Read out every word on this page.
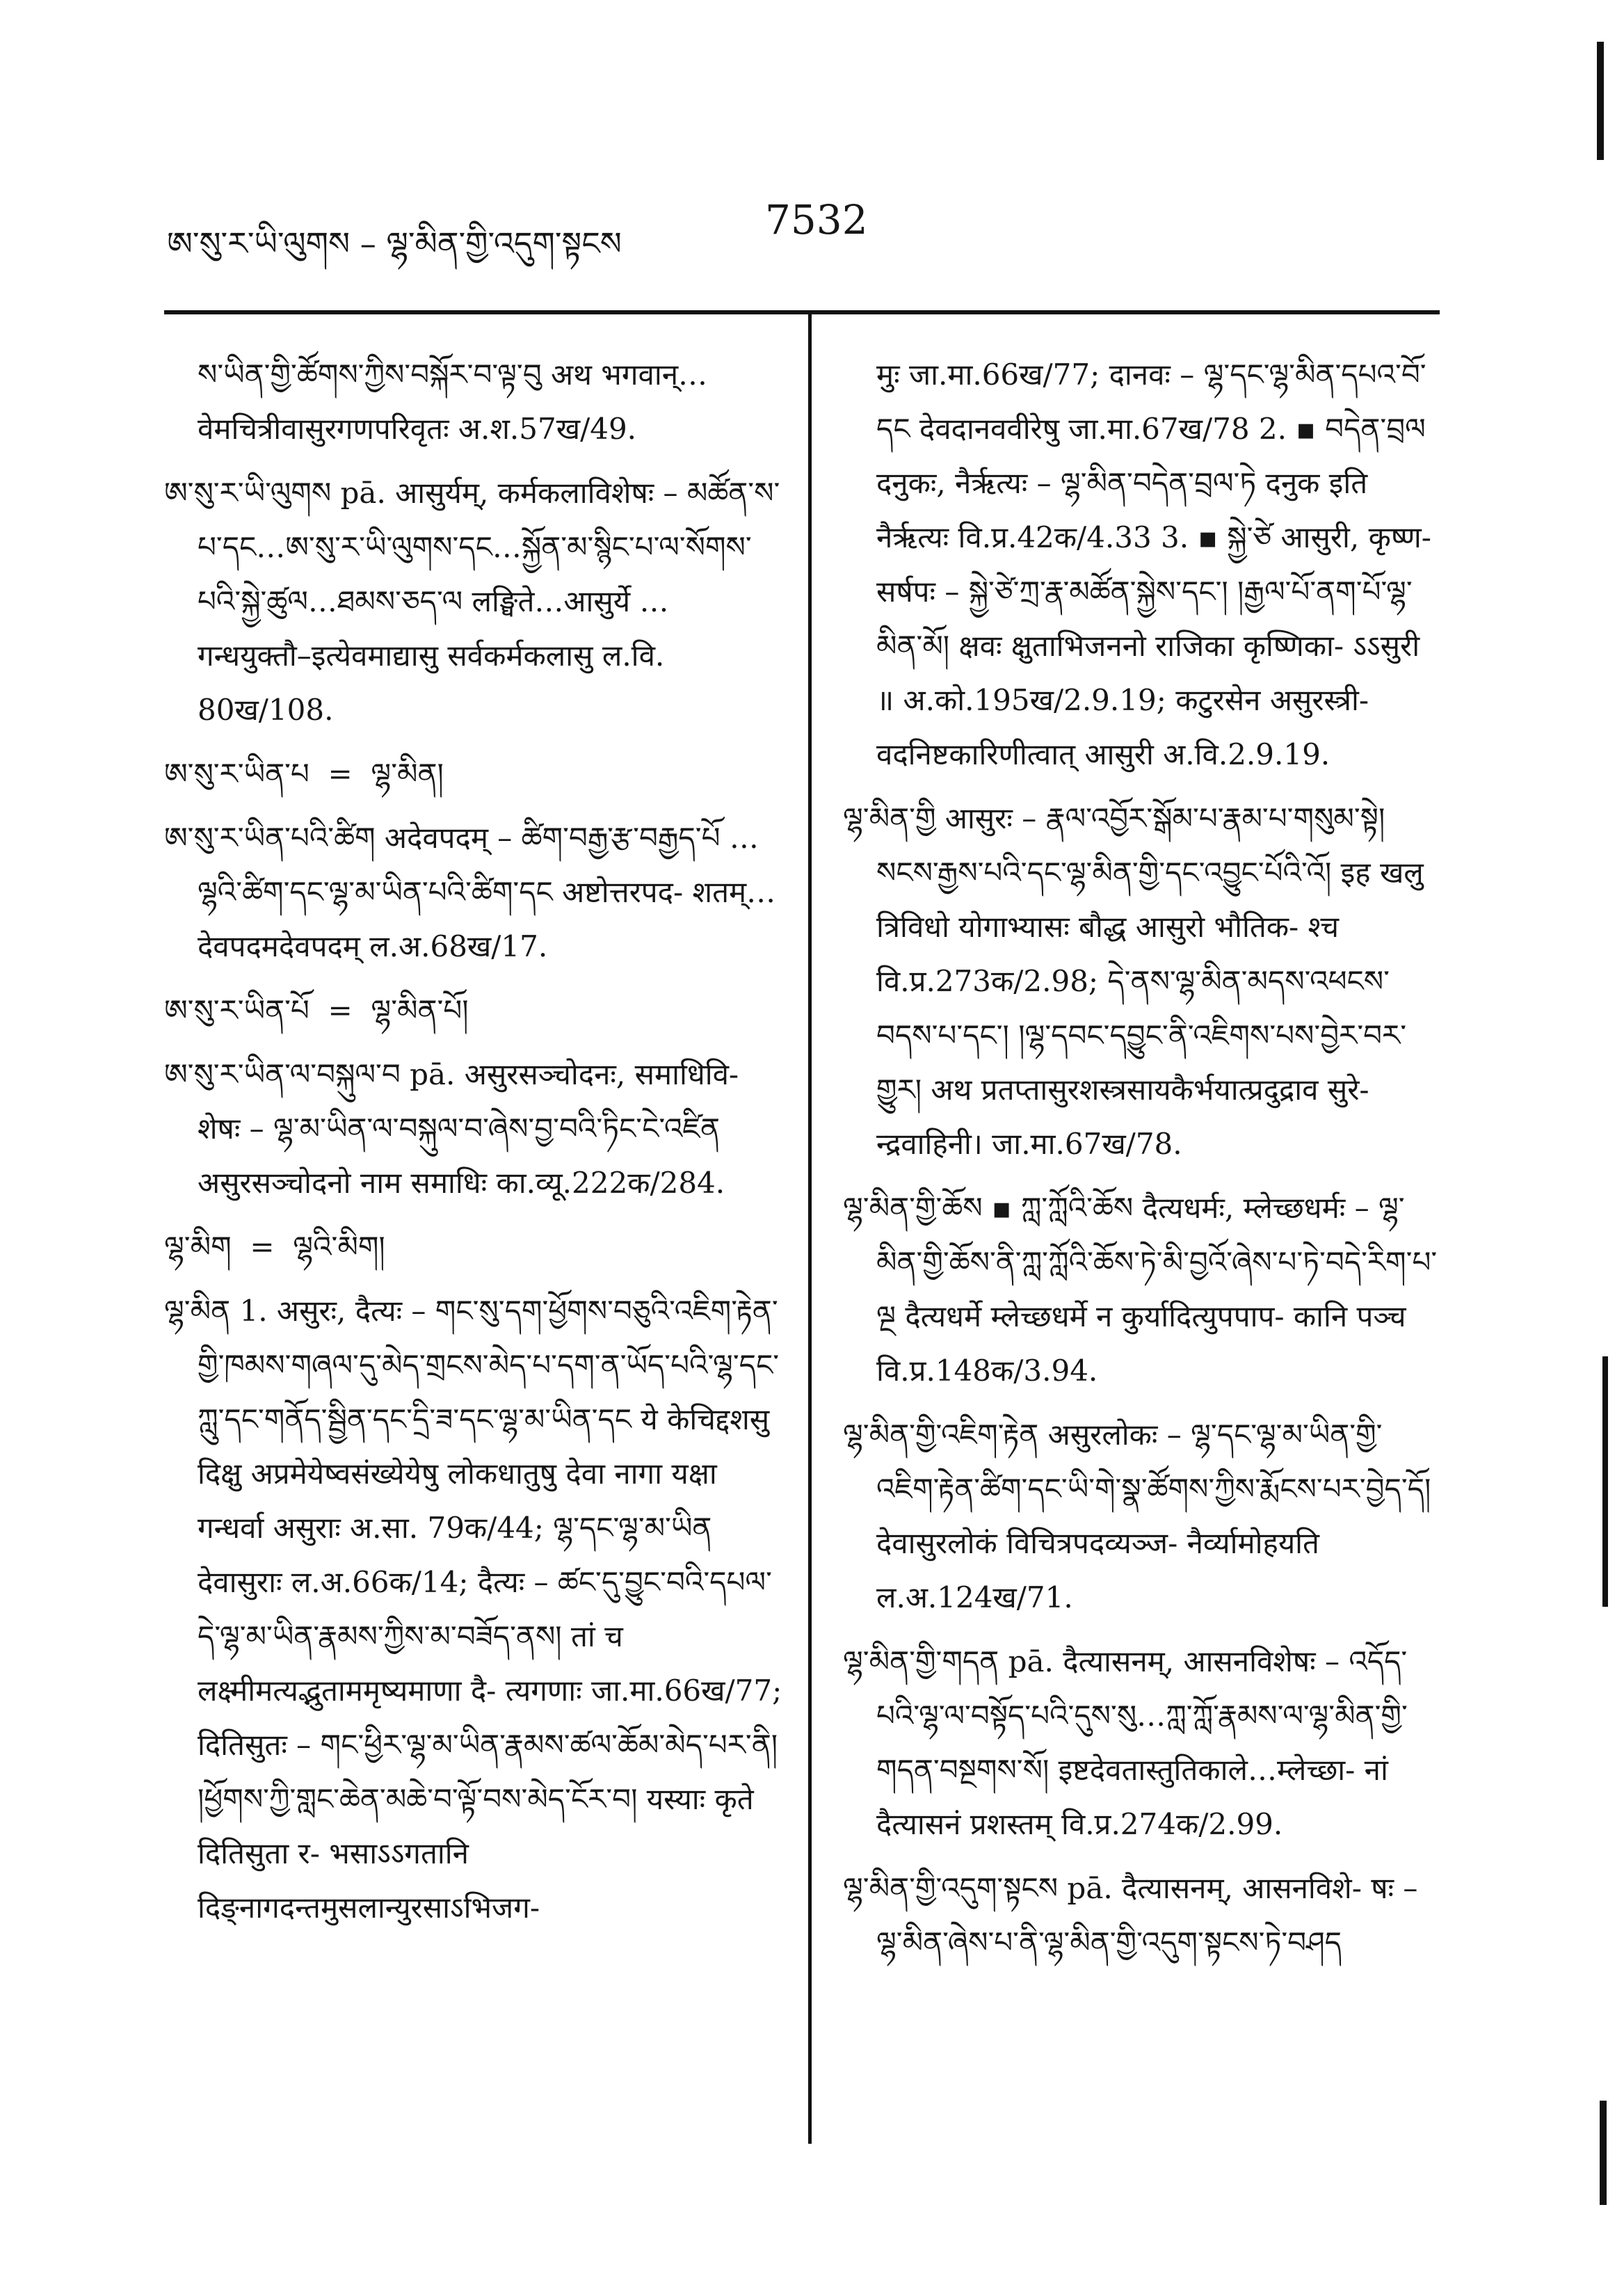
ཨ་སུ་ར་ཡི་ལུགས – ལྷ་མིན་གྱི་འདུག་སྟངས	7532

ས་ཡིན་གྱི་ཚོགས་ཀྱིས་བསྐོར་བ་ལྟ་བུ अथ भगवान्… वेमचित्रीवासुरगणपरिवृतः अ.श.57ख/49.

ཨ་སུ་ར་ཡི་ལུགས pā. आसुर्यम्, कर्मकलाविशेषः – མཚོན་ས་པ་དང…ཨ་སུ་ར་ཡི་ལུགས་དང…སྐྱོན་མ་སྙིང་པ་ལ་སོགས་པའི་སྐྱེ་ཚུལ…ཐམས་ཅད་ལ लङ्घिते…आसुर्ये … गन्धयुक्तौ–इत्येवमाद्यासु सर्वकर्मकलासु ल.वि. 80ख/108.

ཨ་སུ་ར་ཡིན་པ  =  ལྷ་མིན།

ཨ་སུ་ར་ཡིན་པའི་ཚིག अदेवपदम् – ཚིག་བརྒྱ་རྩ་བརྒྱད་པོ …ལྷའི་ཚིག་དང་ལྷ་མ་ཡིན་པའི་ཚིག་དང अष्टोत्तरपद- शतम्…देवपदमदेवपदम् ल.अ.68ख/17.

ཨ་སུ་ར་ཡིན་པོ  =  ལྷ་མིན་པོ།

ཨ་སུ་ར་ཡིན་ལ་བསྐུལ་བ pā. असुरसञ्चोदनः, समाधिवि- शेषः – ལྷ་མ་ཡིན་ལ་བསྐུལ་བ་ཞེས་བྱ་བའི་ཏིང་ངེ་འཛིན असुरसञ्चोदनो नाम समाधिः का.व्यू.222क/284.

ལྷ་མིག  =  ལྷའི་མིག།

ལྷ་མིན 1. असुरः, दैत्यः – གང་སུ་དག་ཕྱོགས་བཅུའི་འཇིག་རྟེན་གྱི་ཁམས་གཞལ་དུ་མེད་གྲངས་མེད་པ་དག་ན་ཡོད་པའི་ལྷ་དང་ཀླུ་དང་གནོད་སྦྱིན་དང་དྲི་ཟ་དང་ལྷ་མ་ཡིན་དང ये केचिद्दशसु दिक्षु अप्रमेयेष्वसंख्येयेषु लोकधातुषु देवा नागा यक्षा गन्धर्वा असुराः अ.सा. 79क/44; ལྷ་དང་ལྷ་མ་ཡིན देवासुराः ल.अ.66क/14; दैत्यः – ཚང་དུ་བྱུང་བའི་དཔལ་དེ་ལྷ་མ་ཡིན་རྣམས་ཀྱིས་མ་བཟོད་ནས། तां च लक्ष्मीमत्यद्भुताममृष्यमाणा दै- त्यगणाः जा.मा.66ख/77; दितिसुतः – གང་ཕྱིར་ལྷ་མ་ཡིན་རྣམས་ཚལ་ཆོམ་མེད་པར་ནི། །ཕྱོགས་ཀྱི་གླང་ཆེན་མཆེ་བ་ལྟོ་བས་མེད་ངོར་བ། यस्याः कृते दितिसुता र- भसाऽऽगतानि दिङ्नागदन्तमुसलान्युरसाऽभिजग-

मुः जा.मा.66ख/77; दानवः – ལྷ་དང་ལྷ་མིན་དཔའ་བོ་དང देवदानववीरेषु जा.मा.67ख/78 2. ▪ བདེན་བྲལ दनुकः, नैर्ऋत्यः – ལྷ་མིན་བདེན་བྲལ་ཏེ दनुक इति नैर्ऋत्यः वि.प्र.42क/4.33 3. ▪ སྐྱེ་ཙེ आसुरी, कृष्ण- सर्षपः – སྐྱེ་ཙེ་ཀྲ་རྣ་མཚོན་སྐྱེས་དང་། །རྒྱལ་པོ་ནག་པོ་ལྷ་མིན་མོ། क्षवः क्षुताभिजननो राजिका कृष्णिका- ऽऽसुरी ॥ अ.को.195ख/2.9.19; कटुरसेन असुरस्त्री- वदनिष्टकारिणीत्वात् आसुरी अ.वि.2.9.19.

ལྷ་མིན་གྱི आसुरः – རྣལ་འབྱོར་སྒོམ་པ་རྣམ་པ་གསུམ་སྟེ། སངས་རྒྱས་པའི་དང་ལྷ་མིན་གྱི་དང་འབྱུང་པོའི་འོ། इह खलु त्रिविधो योगाभ्यासः बौद्ध आसुरो भौतिक- श्च वि.प्र.273क/2.98; དེ་ནས་ལྷ་མིན་མདས་འཕངས་བདས་པ་དང་། །ལྷ་དབང་དབྱུང་ནི་འཇིགས་པས་བྱེར་བར་གྱུར། अथ प्रतप्तासुरशस्त्रसायकैर्भयात्प्रदुद्राव सुरे- न्द्रवाहिनी। जा.मा.67ख/78.

ལྷ་མིན་གྱི་ཆོས ▪ ཀླ་ཀློའི་ཆོས दैत्यधर्मः, म्लेच्छधर्मः – ལྷ་མིན་གྱི་ཆོས་ནི་ཀླ་ཀློའི་ཆོས་ཏེ་མི་བྱའོ་ཞེས་པ་ཏེ་བདེ་རིག་པ་ལྔ दैत्यधर्मे म्लेच्छधर्मे न कुर्यादित्युपपाप- कानि पञ्च वि.प्र.148क/3.94.

ལྷ་མིན་གྱི་འཇིག་རྟེན असुरलोकः – ལྷ་དང་ལྷ་མ་ཡིན་གྱི་འཇིག་རྟེན་ཚིག་དང་ཡི་གེ་སྣ་ཚོགས་ཀྱིས་རྨོངས་པར་བྱེད་དོ། देवासुरलोकं विचित्रपदव्यञ्ज- नैर्व्यामोहयति ल.अ.124ख/71.

ལྷ་མིན་གྱི་གདན pā. दैत्यासनम्, आसनविशेषः – འདོད་པའི་ལྷ་ལ་བསྟོད་པའི་དུས་སུ…ཀླ་ཀློ་རྣམས་ལ་ལྷ་མིན་གྱི་གདན་བསྔགས་སོ། इष्टदेवतास्तुतिकाले…म्लेच्छा- नां दैत्यासनं प्रशस्तम् वि.प्र.274क/2.99.

ལྷ་མིན་གྱི་འདུག་སྟངས pā. दैत्यासनम्, आसनविशे- षः – ལྷ་མིན་ཞེས་པ་ནི་ལྷ་མིན་གྱི་འདུག་སྟངས་ཏེ་བཤད
